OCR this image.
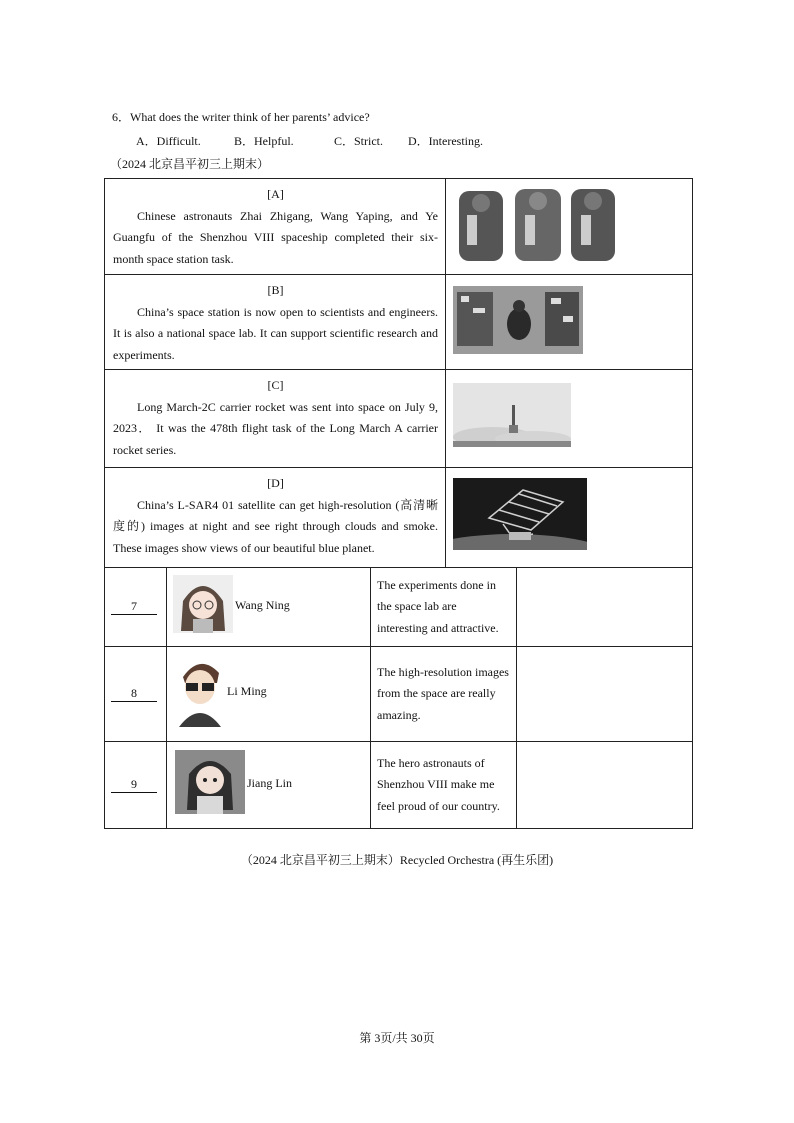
6．What does the writer think of her parents’ advice?
A．Difficult.	B．Helpful.	C．Strict. D．Interesting.
（2024 北京昌平初三上期末）
[A]
Chinese astronauts Zhai Zhigang, Wang Yaping, and Ye Guangfu of the Shenzhou VIII spaceship completed their six-month space station task.

[B]
China’s space station is now open to scientists and engineers. It is also a national space lab. It can support scientific research and experiments.

[C]
Long March-2C carrier rocket was sent into space on July 9, 2023． It was the 478th flight task of the Long March A carrier rocket series.

[D]
China’s L-SAR4 01 satellite can get high-resolution (高清晰度的) images at night and see right through clouds and smoke. These images show views of our beautiful blue planet.

7	Wang Ning	The experiments done in the space lab are interesting and attractive.	

8	Li Ming	The high-resolution images from the space are really amazing.	

9	Jiang Lin	The hero astronauts of Shenzhou VIII make me feel proud of our country.	

（2024 北京昌平初三上期末）Recycled Orchestra (再生乐团)
第 3页/共 30页
